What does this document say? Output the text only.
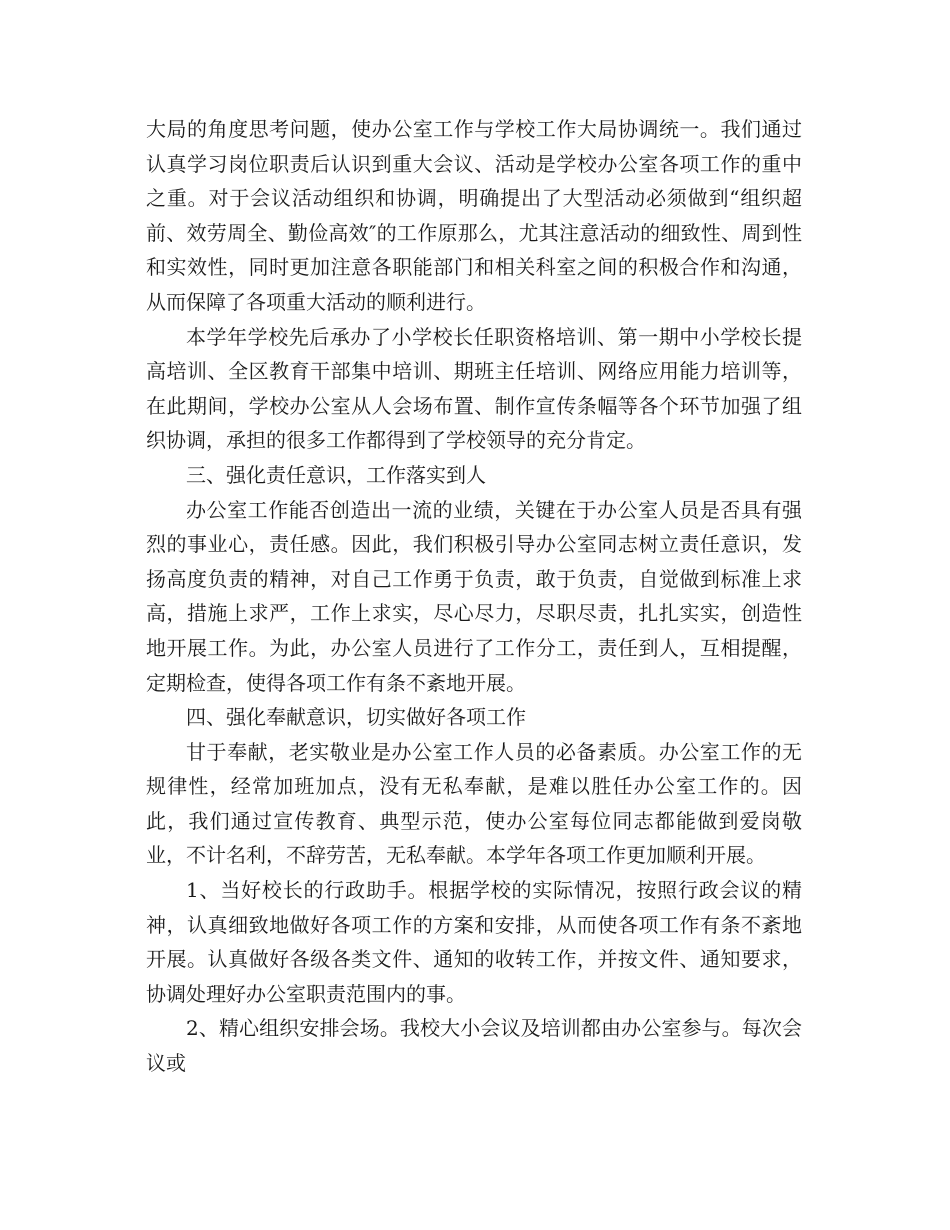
大局的角度思考问题，使办公室工作与学校工作大局协调统一。我们通过认真学习岗位职责后认识到重大会议、活动是学校办公室各项工作的重中之重。对于会议活动组织和协调，明确提出了大型活动必须做到“组织超前、效劳周全、勤俭高效″的工作原那么，尤其注意活动的细致性、周到性和实效性，同时更加注意各职能部门和相关科室之间的积极合作和沟通，从而保障了各项重大活动的顺利进行。

本学年学校先后承办了小学校长任职资格培训、第一期中小学校长提高培训、全区教育干部集中培训、期班主任培训、网络应用能力培训等，在此期间，学校办公室从人会场布置、制作宣传条幅等各个环节加强了组织协调，承担的很多工作都得到了学校领导的充分肯定。

三、强化责任意识，工作落实到人

办公室工作能否创造出一流的业绩，关键在于办公室人员是否具有强烈的事业心，责任感。因此，我们积极引导办公室同志树立责任意识，发扬高度负责的精神，对自己工作勇于负责，敢于负责，自觉做到标准上求高，措施上求严，工作上求实，尽心尽力，尽职尽责，扎扎实实，创造性地开展工作。为此，办公室人员进行了工作分工，责任到人，互相提醒，定期检查，使得各项工作有条不紊地开展。

四、强化奉献意识，切实做好各项工作

甘于奉献，老实敬业是办公室工作人员的必备素质。办公室工作的无规律性，经常加班加点，没有无私奉献，是难以胜任办公室工作的。因此，我们通过宣传教育、典型示范，使办公室每位同志都能做到爱岗敬业，不计名利，不辞劳苦，无私奉献。本学年各项工作更加顺利开展。

1、当好校长的行政助手。根据学校的实际情况，按照行政会议的精神，认真细致地做好各项工作的方案和安排，从而使各项工作有条不紊地开展。认真做好各级各类文件、通知的收转工作，并按文件、通知要求，协调处理好办公室职责范围内的事。

2、精心组织安排会场。我校大小会议及培训都由办公室参与。每次会议或
